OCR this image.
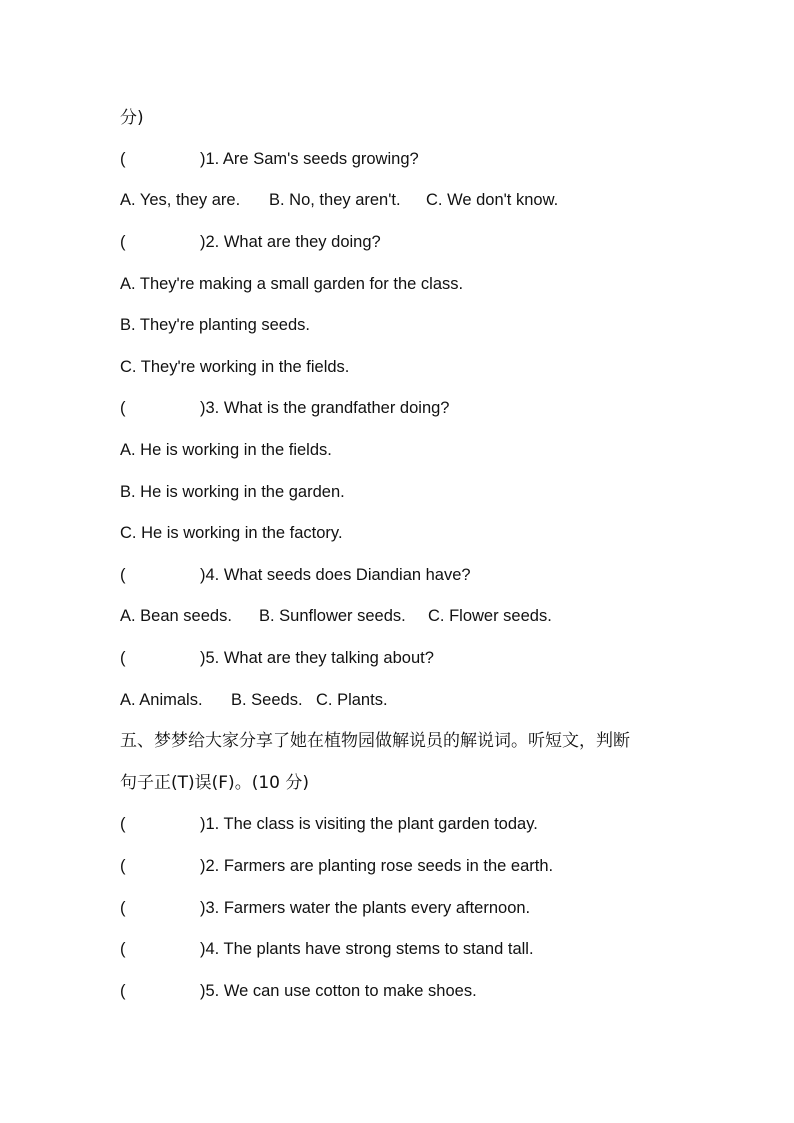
分)
(	)1. Are Sam's seeds growing?
A. Yes, they are. B. No, they aren't. C. We don't know.
(	)2. What are they doing?
A. They're making a small garden for the class.
B. They're planting seeds.
C. They're working in the fields.
(	)3. What is the grandfather doing?
A. He is working in the fields.
B. He is working in the garden.
C. He is working in the factory.
(	)4. What seeds does Diandian have?
A. Bean seeds. B. Sunflower seeds. C. Flower seeds.
(	)5. What are they talking about?
A. Animals. B. Seeds. C. Plants.
五、梦梦给大家分享了她在植物园做解说员的解说词。听短文，判断
句子正(T)误(F)。(10 分)
(	)1. The class is visiting the plant garden today.
(	)2. Farmers are planting rose seeds in the earth.
(	)3. Farmers water the plants every afternoon.
(	)4. The plants have strong stems to stand tall.
(	)5. We can use cotton to make shoes.
